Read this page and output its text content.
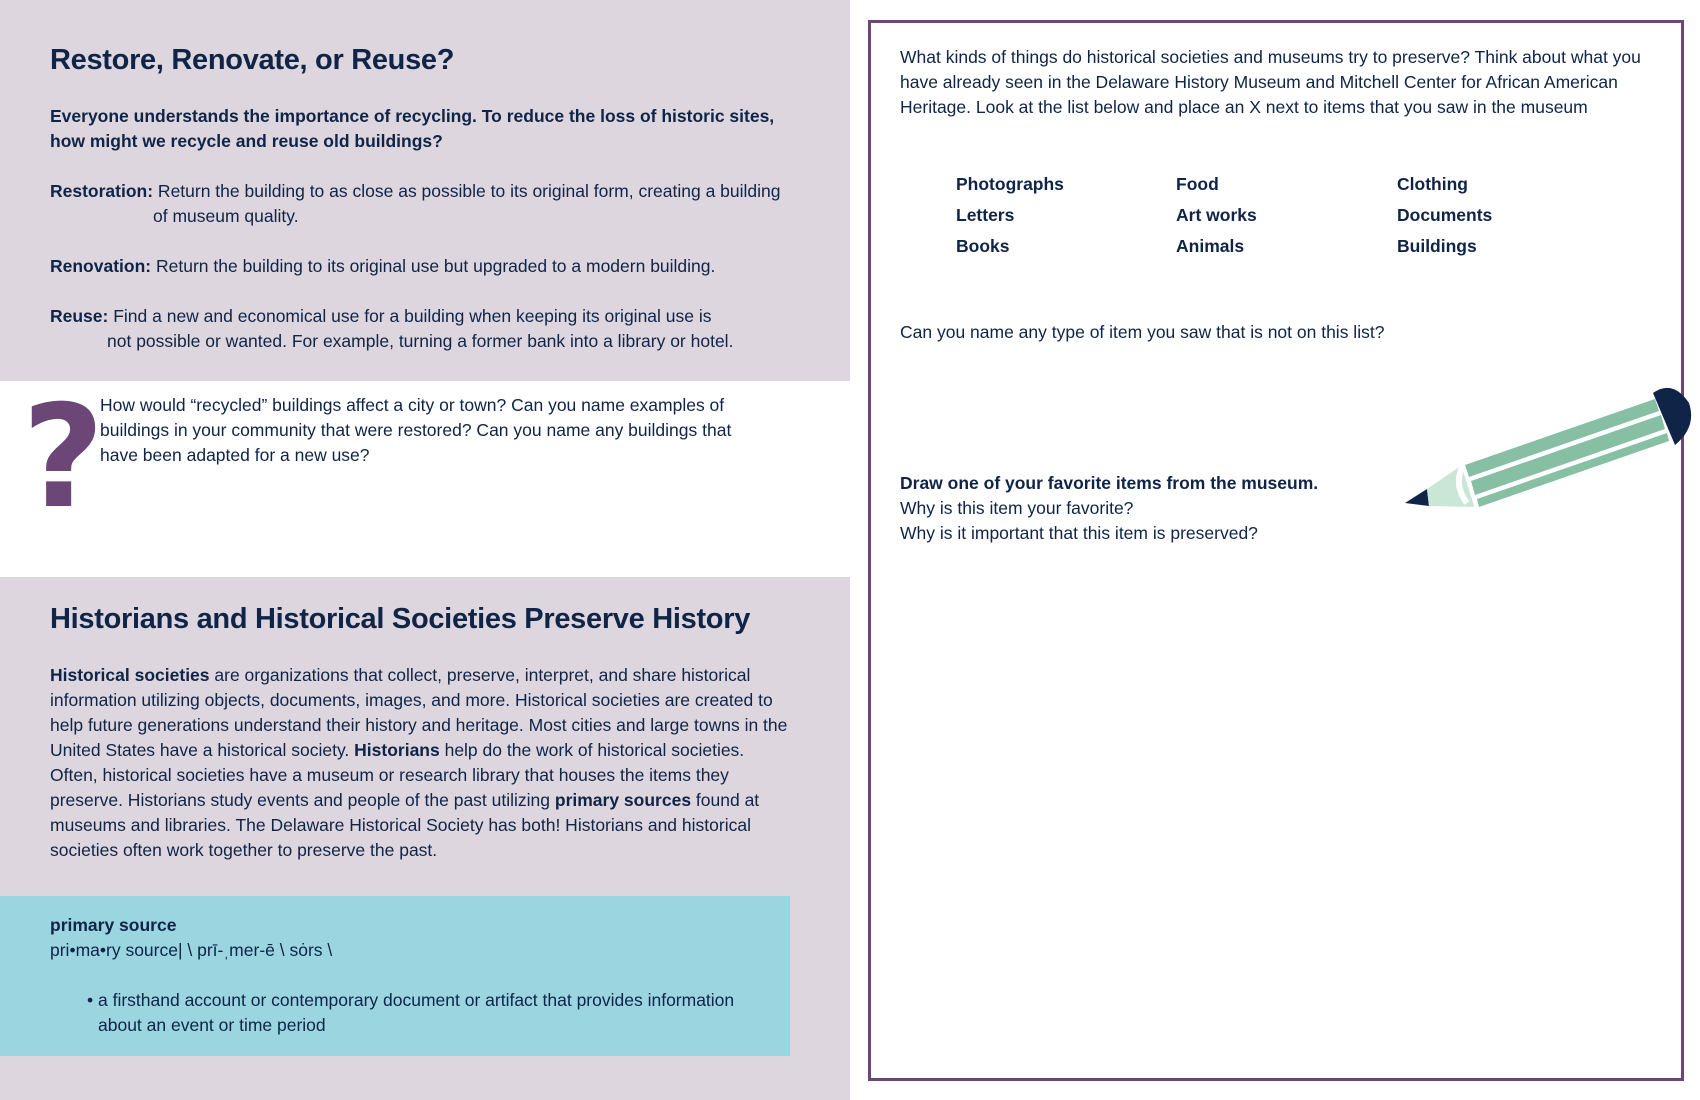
Restore, Renovate, or Reuse?
Everyone understands the importance of recycling. To reduce the loss of historic sites, how might we recycle and reuse old buildings?
Restoration: Return the building to as close as possible to its original form, creating a building
of museum quality.
Renovation: Return the building to its original use but upgraded to a modern building.
Reuse: Find a new and economical use for a building when keeping its original use is
not possible or wanted. For example, turning a former bank into a library or hotel.
?
How would “recycled” buildings affect a city or town? Can you name examples of buildings in your community that were restored? Can you name any buildings that have been adapted for a new use?
Historians and Historical Societies Preserve History
Historical societies are organizations that collect, preserve, interpret, and share historical information utilizing objects, documents, images, and more. Historical societies are created to help future generations understand their history and heritage. Most cities and large towns in the United States have a historical society. Historians help do the work of historical societies. Often, historical societies have a museum or research library that houses the items they preserve. Historians study events and people of the past utilizing primary sources found at museums and libraries. The Delaware Historical Society has both! Historians and historical societies often work together to preserve the past.
primary source
pri•ma•ry source| \ prī-ˌmer-ē \ sȯrs \
• a firsthand account or contemporary document or artifact that provides information about an event or time period
What kinds of things do historical societies and museums try to preserve? Think about what you have already seen in the Delaware History Museum and Mitchell Center for African American Heritage. Look at the list below and place an X next to items that you saw in the museum
Photographs	Food	Clothing
Letters	Art works	Documents
Books	Animals	Buildings
Can you name any type of item you saw that is not on this list?
Draw one of your favorite items from the museum.
Why is this item your favorite?
Why is it important that this item is preserved?
